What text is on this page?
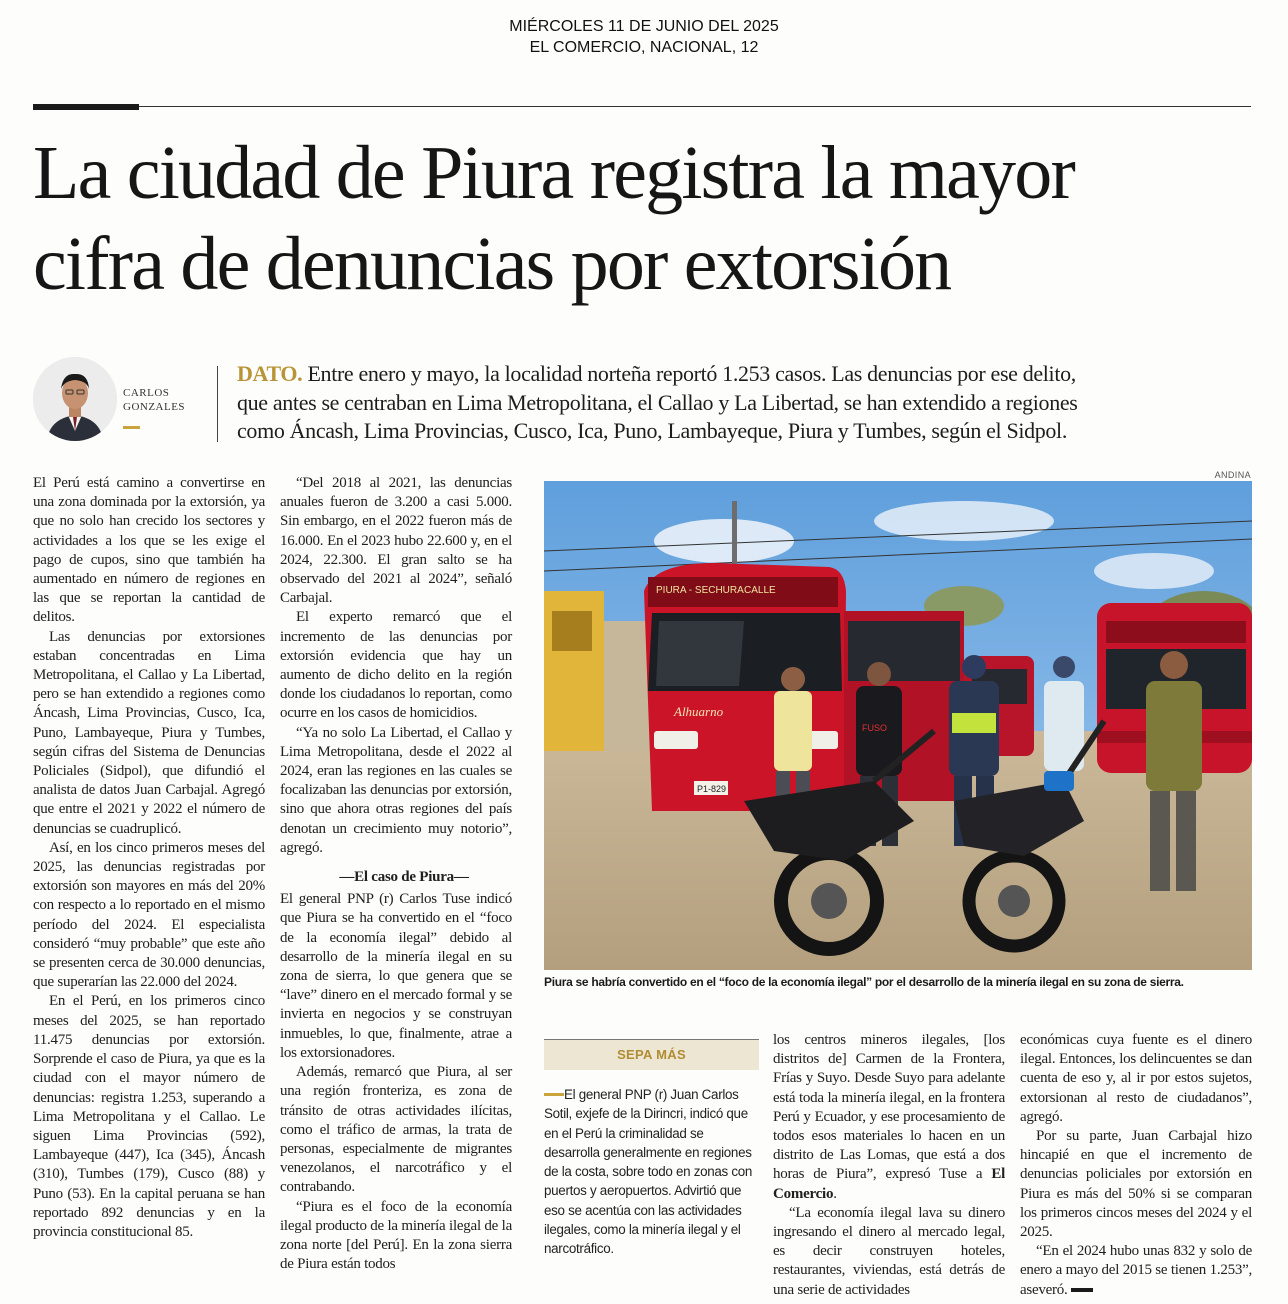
MIÉRCOLES 11 DE JUNIO DEL 2025
EL COMERCIO, NACIONAL, 12
La ciudad de Piura registra la mayor
cifra de denuncias por extorsión
CARLOS
GONZALES
DATO. Entre enero y mayo, la localidad norteña reportó 1.253 casos. Las denuncias por ese delito,
que antes se centraban en Lima Metropolitana, el Callao y La Libertad, se han extendido a regiones
como Áncash, Lima Provincias, Cusco, Ica, Puno, Lambayeque, Piura y Tumbes, según el Sidpol.

El Perú está camino a convertirse en una zona dominada por la extorsión, ya que no solo han crecido los sectores y actividades a los que se les exige el pago de cupos, sino que también ha aumentado en número de regiones en las que se reportan la cantidad de delitos.

Las denuncias por extorsiones estaban concentradas en Lima Metropolitana, el Callao y La Libertad, pero se han extendido a regiones como Áncash, Lima Provincias, Cusco, Ica, Puno, Lambayeque, Piura y Tumbes, según cifras del Sistema de Denuncias Policiales (Sidpol), que difundió el analista de datos Juan Carbajal. Agregó que entre el 2021 y 2022 el número de denuncias se cuadruplicó.

Así, en los cinco primeros meses del 2025, las denuncias registradas por extorsión son mayores en más del 20% con respecto a lo reportado en el mismo período del 2024. El especialista consideró “muy probable” que este año se presenten cerca de 30.000 denuncias, que superarían las 22.000 del 2024.

En el Perú, en los primeros cinco meses del 2025, se han reportado 11.475 denuncias por extorsión. Sorprende el caso de Piura, ya que es la ciudad con el mayor número de denuncias: registra 1.253, superando a Lima Metropolitana y el Callao. Le siguen Lima Provincias (592), Lambayeque (447), Ica (345), Áncash (310), Tumbes (179), Cusco (88) y Puno (53). En la capital peruana se han reportado 892 denuncias y en la provincia constitucional 85.

“Del 2018 al 2021, las denuncias anuales fueron de 3.200 a casi 5.000. Sin embargo, en el 2022 fueron más de 16.000. En el 2023 hubo 22.600 y, en el 2024, 22.300. El gran salto se ha observado del 2021 al 2024”, señaló Carbajal.

El experto remarcó que el incremento de las denuncias por extorsión evidencia que hay un aumento de dicho delito en la región donde los ciudadanos lo reportan, como ocurre en los casos de homicidios.

“Ya no solo La Libertad, el Callao y Lima Metropolitana, desde el 2022 al 2024, eran las regiones en las cuales se focalizaban las denuncias por extorsión, sino que ahora otras regiones del país denotan un crecimiento muy notorio”, agregó.

—El caso de Piura—

El general PNP (r) Carlos Tuse indicó que Piura se ha convertido en el “foco de la economía ilegal” debido al desarrollo de la minería ilegal en su zona de sierra, lo que genera que se “lave” dinero en el mercado formal y se invierta en negocios y se construyan inmuebles, lo que, finalmente, atrae a los extorsionadores.

Además, remarcó que Piura, al ser una región fronteriza, es zona de tránsito de otras actividades ilícitas, como el tráfico de armas, la trata de personas, especialmente de migrantes venezolanos, el narcotráfico y el contrabando.

“Piura es el foco de la economía ilegal producto de la minería ilegal de la zona norte [del Perú]. En la zona sierra de Piura están todos

ANDINA
PIURA - SECHURA CALLE
Alhuarno
P1-829
FUSO
Piura se habría convertido en el “foco de la economía ilegal” por el desarrollo de la minería ilegal en su zona de sierra.
SEPA MÁS
El general PNP (r) Juan Carlos Sotil, exjefe de la Dirincri, indicó que en el Perú la criminalidad se desarrolla generalmente en regiones de la costa, sobre todo en zonas con puertos y aeropuertos. Advirtió que eso se acentúa con las actividades ilegales, como la minería ilegal y el narcotráfico.

los centros mineros ilegales, [los distritos de] Carmen de la Frontera, Frías y Suyo. Desde Suyo para adelante está toda la minería ilegal, en la frontera Perú y Ecuador, y ese procesamiento de todos esos materiales lo hacen en un distrito de Las Lomas, que está a dos horas de Piura”, expresó Tuse a El Comercio.

“La economía ilegal lava su dinero ingresando el dinero al mercado legal, es decir construyen hoteles, restaurantes, viviendas, está detrás de una serie de actividades

económicas cuya fuente es el dinero ilegal. Entonces, los delincuentes se dan cuenta de eso y, al ir por estos sujetos, extorsionan al resto de ciudadanos”, agregó.

Por su parte, Juan Carbajal hizo hincapié en que el incremento de denuncias policiales por extorsión en Piura es más del 50% si se comparan los primeros cincos meses del 2024 y el 2025.

“En el 2024 hubo unas 832 y solo de enero a mayo del 2015 se tienen 1.253”, aseveró.
